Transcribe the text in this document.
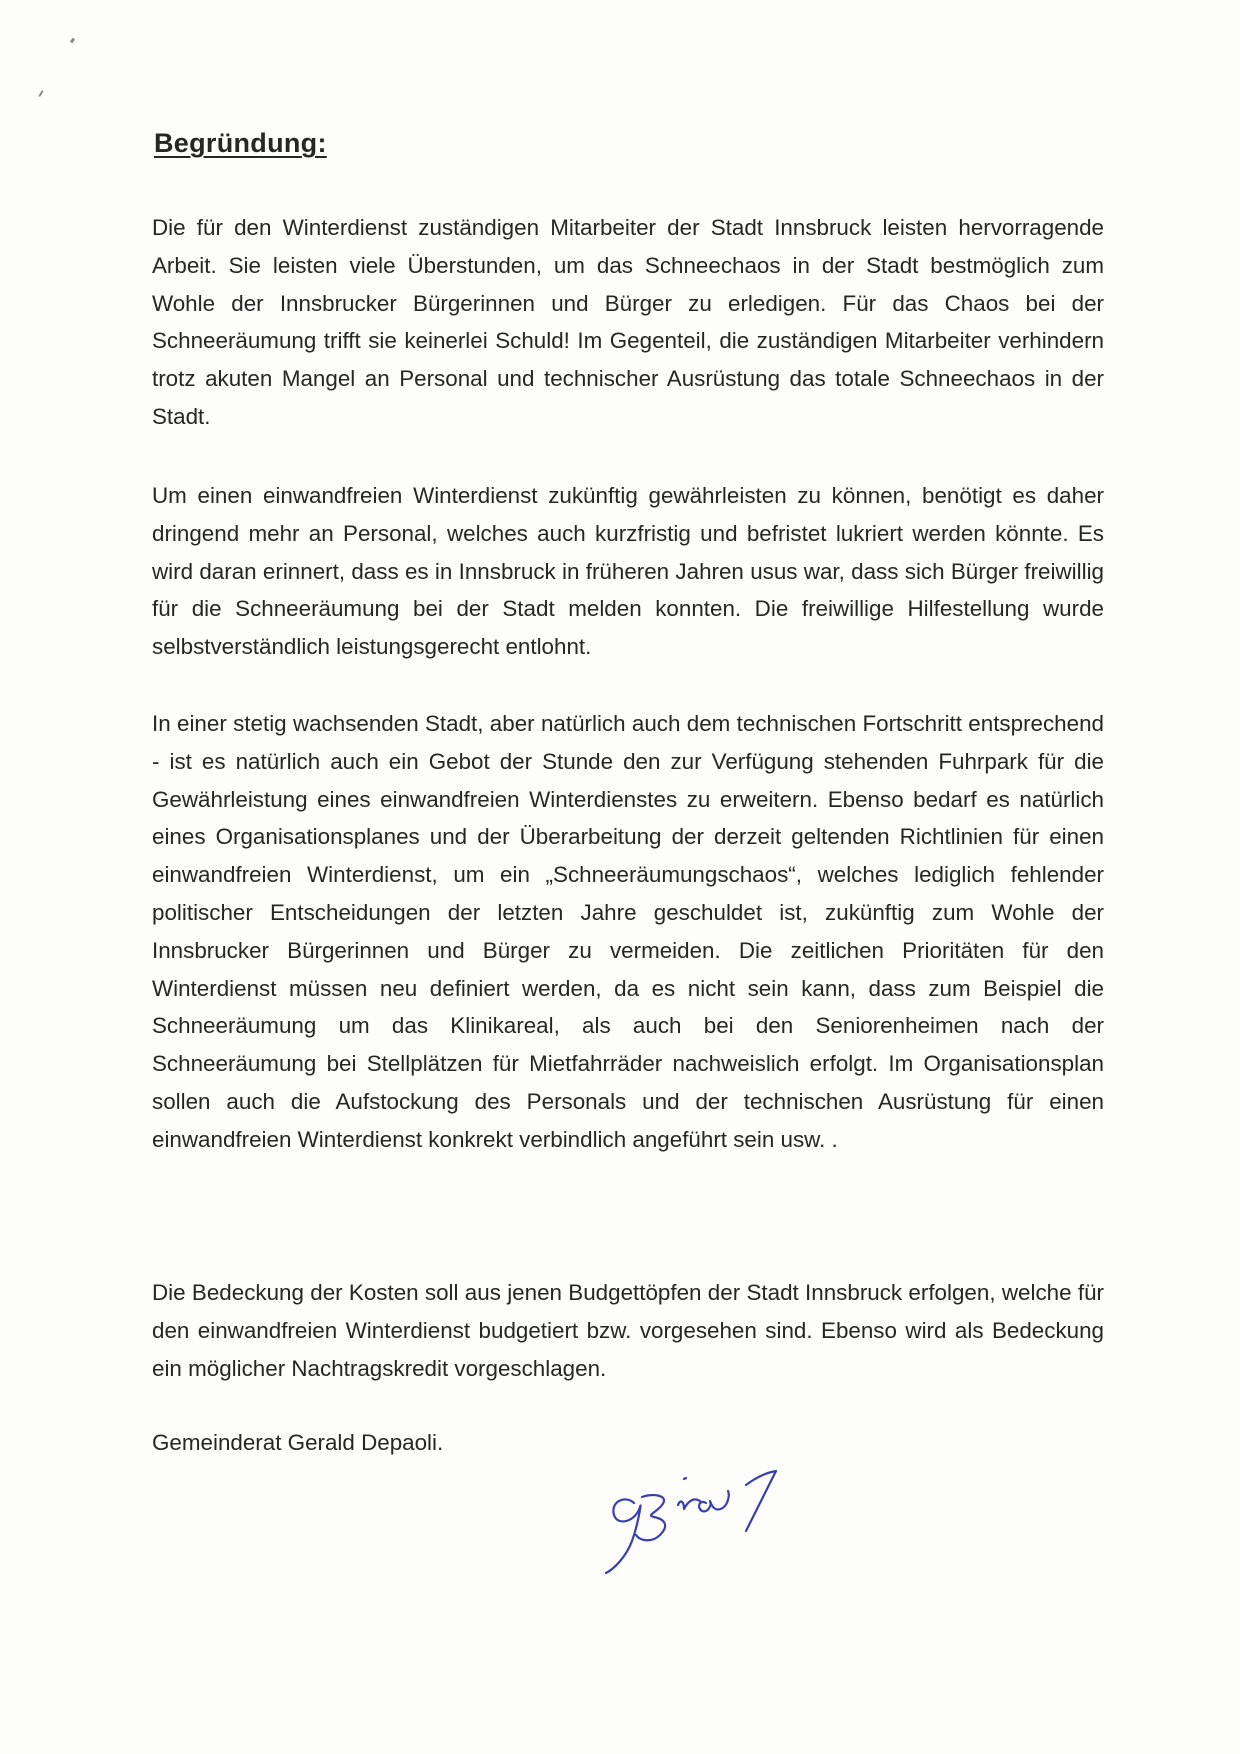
Begründung:

Die für den Winterdienst zuständigen Mitarbeiter der Stadt Innsbruck leisten hervorragende Arbeit. Sie leisten viele Überstunden, um das Schneechaos in der Stadt bestmöglich zum Wohle der Innsbrucker Bürgerinnen und Bürger zu erledigen. Für das Chaos bei der Schneeräumung trifft sie keinerlei Schuld! Im Gegenteil, die zuständigen Mitarbeiter verhindern trotz akuten Mangel an Personal und technischer Ausrüstung das totale Schneechaos in der Stadt.

Um einen einwandfreien Winterdienst zukünftig gewährleisten zu können, benötigt es daher dringend mehr an Personal, welches auch kurzfristig und befristet lukriert werden könnte. Es wird daran erinnert, dass es in Innsbruck in früheren Jahren usus war, dass sich Bürger freiwillig für die Schneeräumung bei der Stadt melden konnten. Die freiwillige Hilfestellung wurde selbstverständlich leistungsgerecht entlohnt.

In einer stetig wachsenden Stadt, aber natürlich auch dem technischen Fortschritt entsprechend - ist es natürlich auch ein Gebot der Stunde den zur Verfügung stehenden Fuhrpark für die Gewährleistung eines einwandfreien Winterdienstes zu erweitern. Ebenso bedarf es natürlich eines Organisationsplanes und der Überarbeitung der derzeit geltenden Richtlinien für einen einwandfreien Winterdienst, um ein „Schneeräumungschaos“, welches lediglich fehlender politischer Entscheidungen der letzten Jahre geschuldet ist, zukünftig zum Wohle der Innsbrucker Bürgerinnen und Bürger zu vermeiden. Die zeitlichen Prioritäten für den Winterdienst müssen neu definiert werden, da es nicht sein kann, dass zum Beispiel die Schneeräumung um das Klinikareal, als auch bei den Seniorenheimen nach der Schneeräumung bei Stellplätzen für Mietfahrräder nachweislich erfolgt. Im Organisationsplan sollen auch die Aufstockung des Personals und der technischen Ausrüstung für einen einwandfreien Winterdienst konkrekt verbindlich angeführt sein usw. .

Die Bedeckung der Kosten soll aus jenen Budgettöpfen der Stadt Innsbruck erfolgen, welche für den einwandfreien Winterdienst budgetiert bzw. vorgesehen sind. Ebenso wird als Bedeckung ein möglicher Nachtragskredit vorgeschlagen.

Gemeinderat Gerald Depaoli.
